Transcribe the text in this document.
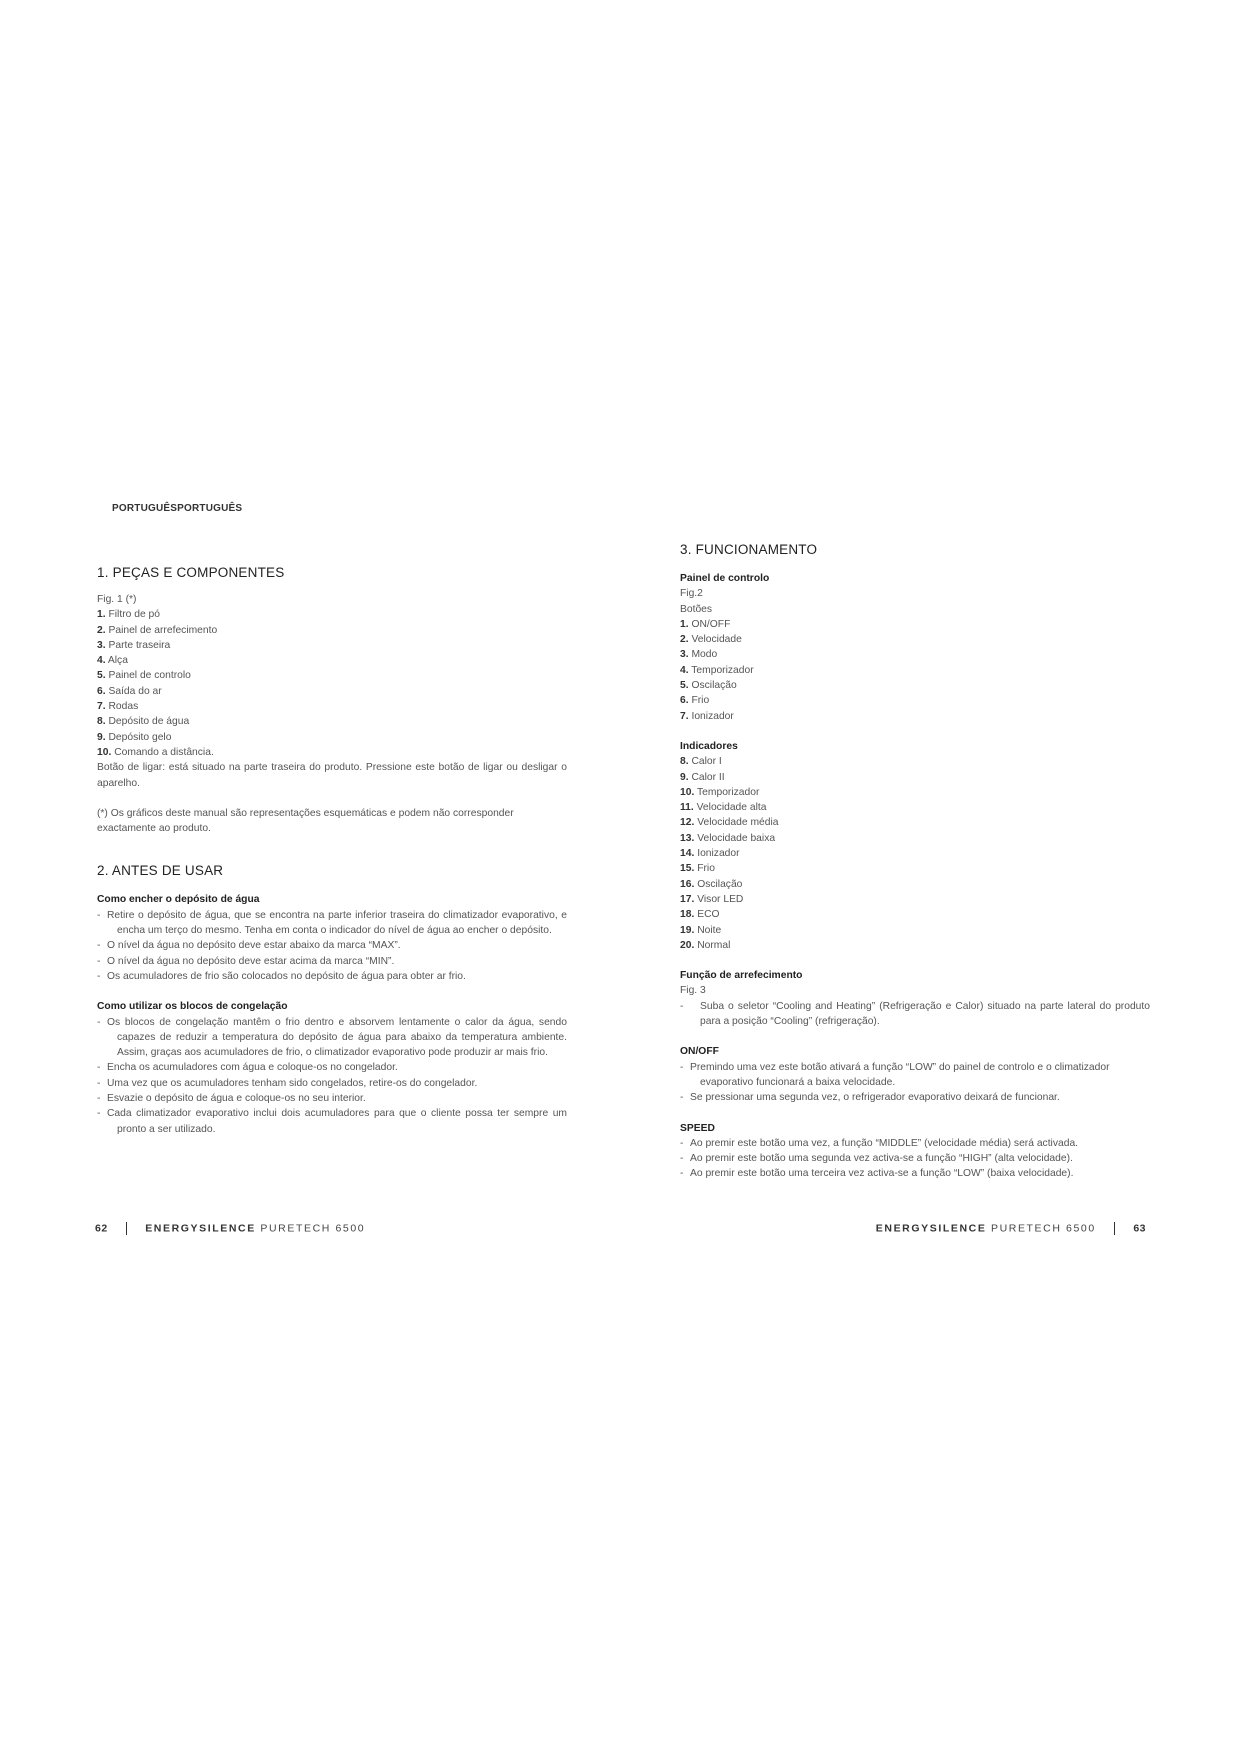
PORTUGUÊSPORTUGUÊS
1. PEÇAS E COMPONENTES

Fig. 1 (*)

1. Filtro de pó
2. Painel de arrefecimento
3. Parte traseira
4. Alça
5. Painel de controlo
6. Saída do ar
7. Rodas
8. Depósito de água
9. Depósito gelo
10. Comando a distância.

Botão de ligar: está situado na parte traseira do produto. Pressione este botão de ligar ou desligar o aparelho.

(*) Os gráficos deste manual são representações esquemáticas e podem não corresponder exactamente ao produto.

2. ANTES DE USAR
Como encher o depósito de água
- Retire o depósito de água, que se encontra na parte inferior traseira do climatizador evaporativo, e encha um terço do mesmo. Tenha em conta o indicador do nível de água ao encher o depósito.
- O nível da água no depósito deve estar abaixo da marca “MAX”.
- O nível da água no depósito deve estar acima da marca “MIN”.
- Os acumuladores de frio são colocados no depósito de água para obter ar frio.
Como utilizar os blocos de congelação
- Os blocos de congelação mantêm o frio dentro e absorvem lentamente o calor da água, sendo capazes de reduzir a temperatura do depósito de água para abaixo da temperatura ambiente. Assim, graças aos acumuladores de frio, o climatizador evaporativo pode produzir ar mais frio.
- Encha os acumuladores com água e coloque-os no congelador.
- Uma vez que os acumuladores tenham sido congelados, retire-os do congelador.
- Esvazie o depósito de água e coloque-os no seu interior.
- Cada climatizador evaporativo inclui dois acumuladores para que o cliente possa ter sempre um pronto a ser utilizado.
62	ENERGYSILENCE PURETECH 6500
3. FUNCIONAMENTO
Painel de controlo

Fig.2

Botões

1. ON/OFF
2. Velocidade
3. Modo
4. Temporizador
5. Oscilação
6. Frio
7. Ionizador
Indicadores
8. Calor I
9. Calor II
10. Temporizador
11. Velocidade alta
12. Velocidade média
13. Velocidade baixa
14. Ionizador
15. Frio
16. Oscilação
17. Visor LED
18. ECO
19. Noite
20. Normal
Função de arrefecimento

Fig. 3

- Suba o seletor “Cooling and Heating” (Refrigeração e Calor) situado na parte lateral do produto para a posição “Cooling” (refrigeração).
ON/OFF
- Premindo uma vez este botão ativará a função “LOW” do painel de controlo e o climatizador evaporativo funcionará a baixa velocidade.
- Se pressionar uma segunda vez, o refrigerador evaporativo deixará de funcionar.
SPEED
- Ao premir este botão uma vez, a função “MIDDLE” (velocidade média) será activada.
- Ao premir este botão uma segunda vez activa-se a função “HIGH” (alta velocidade).
- Ao premir este botão uma terceira vez activa-se a função “LOW” (baixa velocidade).
ENERGYSILENCE PURETECH 6500	63
